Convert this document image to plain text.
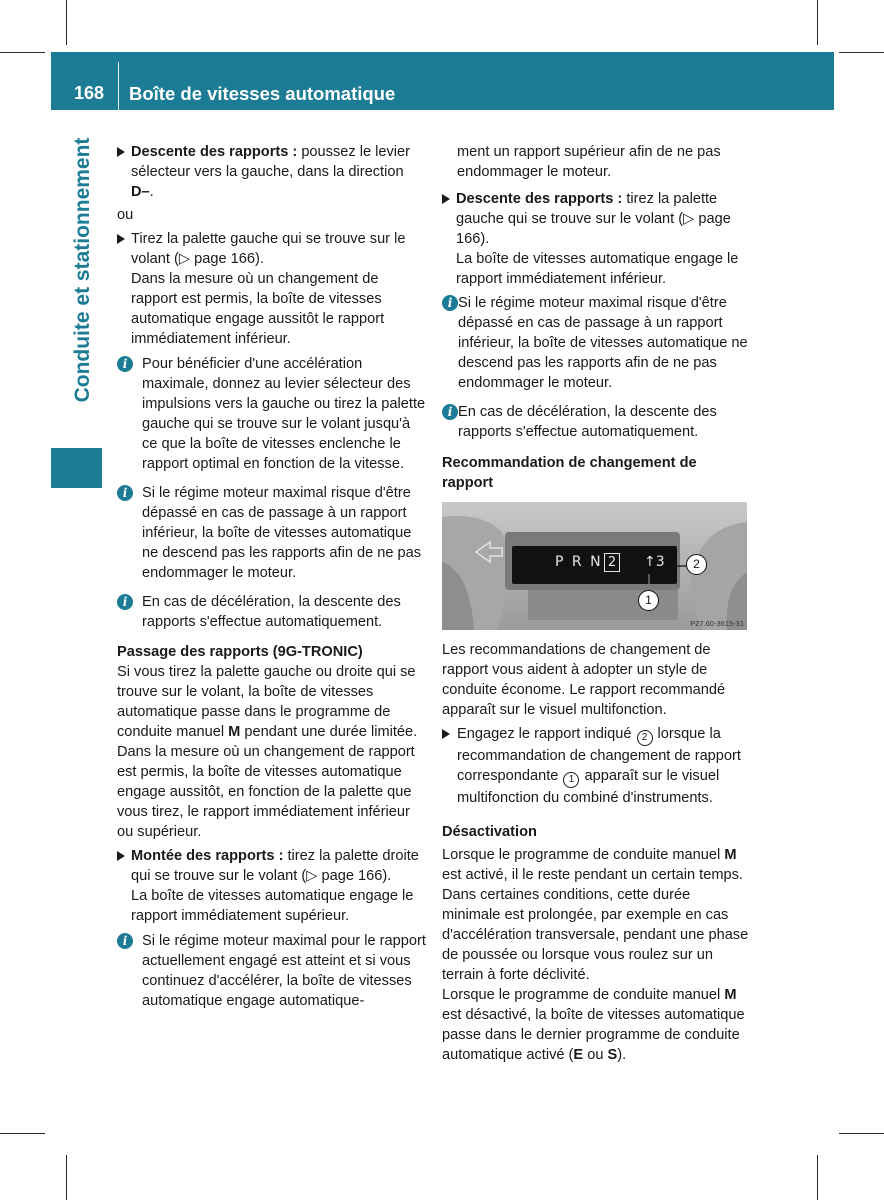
168 Boîte de vitesses automatique
Conduite et stationnement	Descente des rapports : poussez le levier sélecteur vers la gauche, dans la direction D–.

ou

Tirez la palette gauche qui se trouve sur le volant (▷ page 166).

Dans la mesure où un changement de rapport est permis, la boîte de vitesses automatique engage aussitôt le rapport immédiatement inférieur.

i	Pour bénéficier d'une accélération maximale, donnez au levier sélecteur des impulsions vers la gauche ou tirez la palette gauche qui se trouve sur le volant jusqu'à ce que la boîte de vitesses enclenche le rapport optimal en fonction de la vitesse.

i	Si le régime moteur maximal risque d'être dépassé en cas de passage à un rapport inférieur, la boîte de vitesses automatique ne descend pas les rapports afin de ne pas endommager le moteur.

i	En cas de décélération, la descente des rapports s'effectue automatiquement.

Passage des rapports (9G-TRONIC)

Si vous tirez la palette gauche ou droite qui se trouve sur le volant, la boîte de vitesses automatique passe dans le programme de conduite manuel M pendant une durée limitée.

Dans la mesure où un changement de rapport est permis, la boîte de vitesses automatique engage aussitôt, en fonction de la palette que vous tirez, le rapport immédiatement inférieur ou supérieur.

Montée des rapports : tirez la palette droite qui se trouve sur le volant (▷ page 166).

La boîte de vitesses automatique engage le rapport immédiatement supérieur.

i	Si le régime moteur maximal pour le rapport actuellement engagé est atteint et si vous continuez d'accélérer, la boîte de vitesses automatique engage automatique-

ment un rapport supérieur afin de ne pas endommager le moteur.

Descente des rapports : tirez la palette gauche qui se trouve sur le volant (▷ page 166).

La boîte de vitesses automatique engage le rapport immédiatement inférieur.

i Si le régime moteur maximal risque d'être dépassé en cas de passage à un rapport inférieur, la boîte de vitesses automatique ne descend pas les rapports afin de ne pas endommager le moteur.

i En cas de décélération, la descente des rapports s'effectue automatiquement.

Recommandation de changement de rapport
P R N 2 ↑3	2
1
P27.60-3615-31

Les recommandations de changement de rapport vous aident à adopter un style de conduite économe. Le rapport recommandé apparaît sur le visuel multifonction.

Engagez le rapport indiqué 2 lorsque la recommandation de changement de rapport correspondante 1 apparaît sur le visuel multifonction du combiné d'instruments.

Désactivation

Lorsque le programme de conduite manuel M est activé, il le reste pendant un certain temps. Dans certaines conditions, cette durée minimale est prolongée, par exemple en cas d'accélération transversale, pendant une phase de poussée ou lorsque vous roulez sur un terrain à forte déclivité.

Lorsque le programme de conduite manuel M est désactivé, la boîte de vitesses automatique passe dans le dernier programme de conduite automatique activé (E ou S).
